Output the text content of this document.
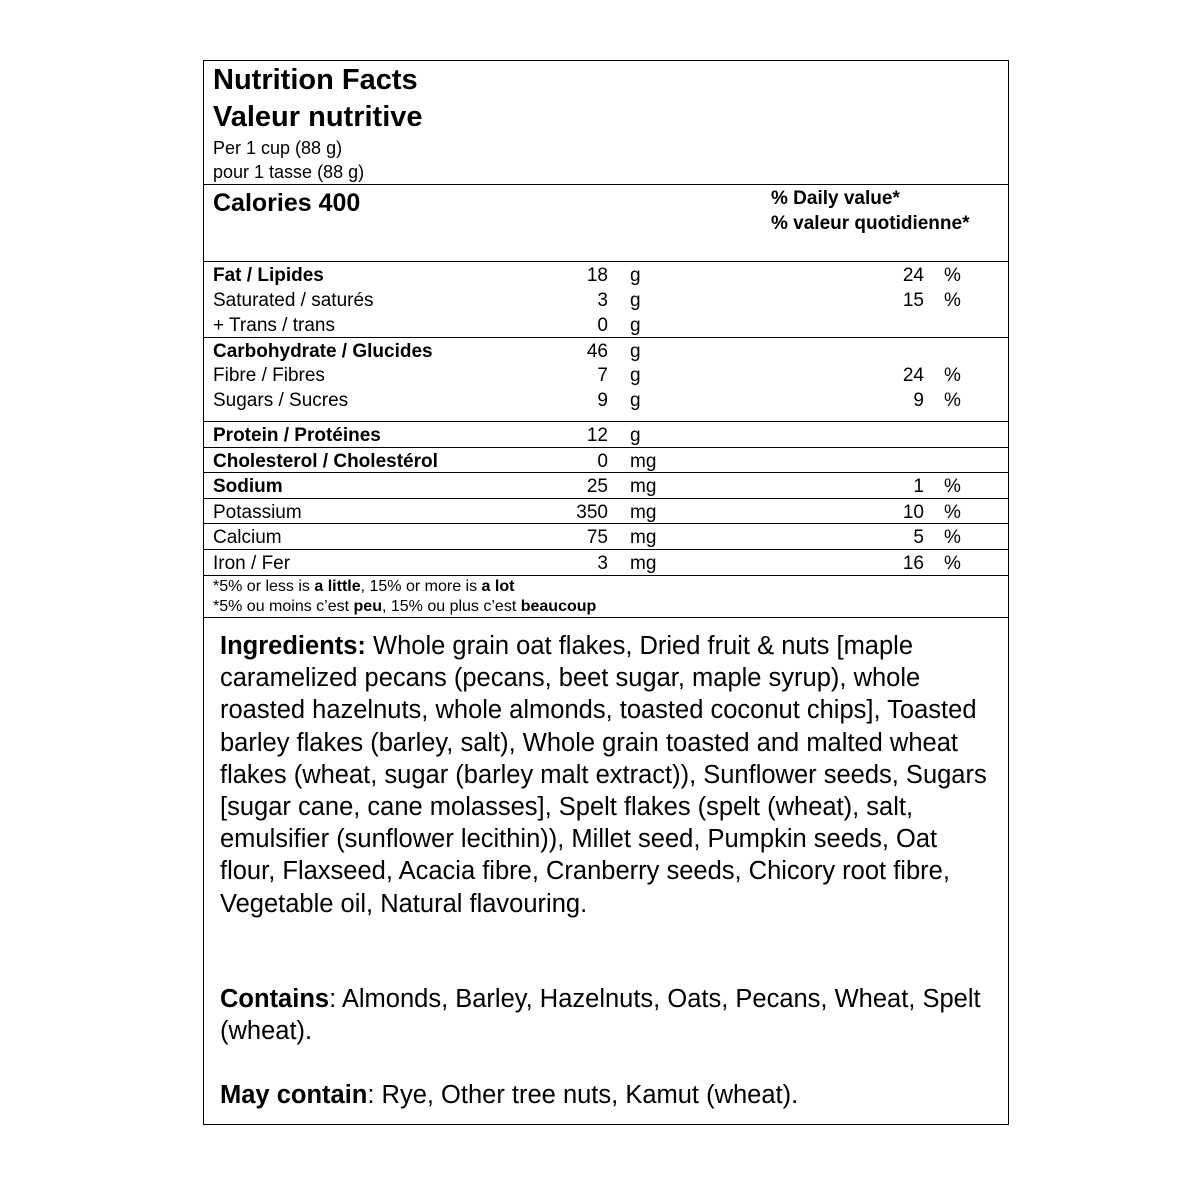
Nutrition Facts
Valeur nutritive
Per 1 cup (88 g)
pour 1 tasse (88 g)
Calories 400	% Daily value*
% valeur quotidienne*
Fat / Lipides	18 g	24 %
Saturated / saturés	3 g	15 %
+ Trans / trans	0 g
Carbohydrate / Glucides	46 g
Fibre / Fibres	7 g	24 %
Sugars / Sucres	9 g	9 %
Protein / Protéines	12 g
Cholesterol / Cholestérol	0 mg
Sodium	25 mg	1 %
Potassium	350 mg	10 %
Calcium	75 mg	5 %
Iron / Fer	3 mg	16 %
*5% or less is a little, 15% or more is a lot
*5% ou moins c’est peu, 15% ou plus c’est beaucoup
Ingredients: Whole grain oat flakes, Dried fruit & nuts [maple caramelized pecans (pecans, beet sugar, maple syrup), whole roasted hazelnuts, whole almonds, toasted coconut chips], Toasted barley flakes (barley, salt), Whole grain toasted and malted wheat flakes (wheat, sugar (barley malt extract)), Sunflower seeds, Sugars [sugar cane, cane molasses], Spelt flakes (spelt (wheat), salt, emulsifier (sunflower lecithin)), Millet seed, Pumpkin seeds, Oat flour, Flaxseed, Acacia fibre, Cranberry seeds, Chicory root fibre, Vegetable oil, Natural flavouring.
Contains: Almonds, Barley, Hazelnuts, Oats, Pecans, Wheat, Spelt (wheat).
May contain: Rye, Other tree nuts, Kamut (wheat).
